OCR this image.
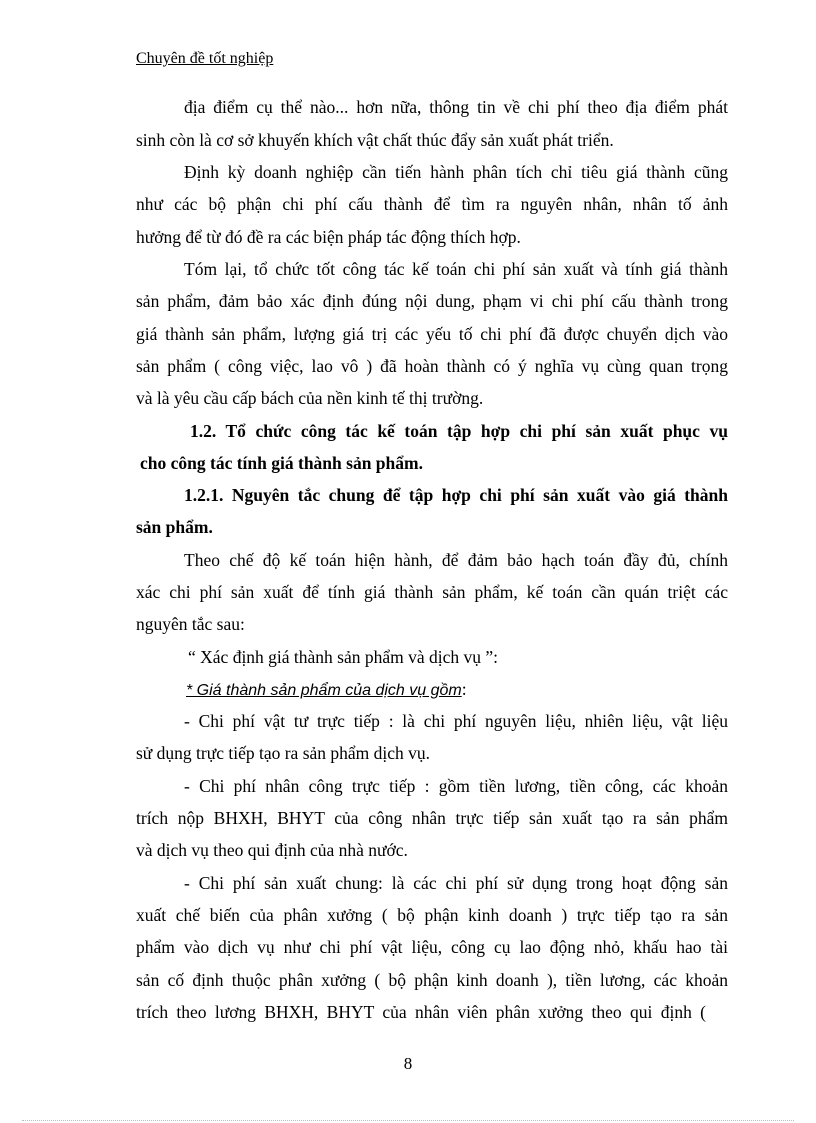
Chuyên đề tốt nghiệp
địa điểm cụ thể nào... hơn nữa, thông tin về chi phí theo địa điểm phát
sinh còn là cơ sở khuyến khích vật chất thúc đẩy sản xuất phát triển.
Định kỳ doanh nghiệp cần tiến hành phân tích chỉ tiêu giá thành cũng
như các bộ phận chi phí cấu thành để tìm ra nguyên nhân, nhân tố ảnh
hưởng để từ đó đề ra các biện pháp tác động thích hợp.
Tóm lại, tổ chức tốt công tác kế toán chi phí sản xuất và tính giá thành
sản phẩm, đảm bảo xác định đúng nội dung, phạm vi chi phí cấu thành trong
giá thành sản phẩm, lượng giá trị các yếu tố chi phí đã được chuyển dịch vào
sản phẩm ( công việc, lao vô ) đã hoàn thành có ý nghĩa vụ cùng quan trọng
và là yêu cầu cấp bách của nền kinh tế thị trường.
1.2. Tổ chức công tác kế toán tập hợp chi phí sản xuất phục vụ
cho công tác tính giá thành sản phẩm.
1.2.1. Nguyên tắc chung để tập hợp chi phí sản xuất vào giá thành
sản phẩm.
Theo chế độ kế toán hiện hành, để đảm bảo hạch toán đầy đủ, chính
xác chi phí sản xuất để tính giá thành sản phẩm, kế toán cần quán triệt các
nguyên tắc sau:
“ Xác định giá thành sản phẩm và dịch vụ ”:
* Giá thành sản phẩm của dịch vụ gồm:
- Chi phí vật tư trực tiếp : là chi phí nguyên liệu, nhiên liệu, vật liệu
sử dụng trực tiếp tạo ra sản phẩm dịch vụ.
- Chi phí nhân công trực tiếp : gồm tiền lương, tiền công, các khoản
trích nộp BHXH, BHYT của công nhân trực tiếp sản xuất tạo ra sản phẩm
và dịch vụ theo qui định của nhà nước.
- Chi phí sản xuất chung: là các chi phí sử dụng trong hoạt động sản
xuất chế biến của phân xưởng ( bộ phận kinh doanh ) trực tiếp tạo ra sản
phẩm vào dịch vụ như chi phí vật liệu, công cụ lao động nhỏ, khấu hao tài
sản cố định thuộc phân xưởng ( bộ phận kinh doanh ), tiền lương, các khoản
trích theo lương BHXH, BHYT của nhân viên phân xưởng theo qui định (
8
